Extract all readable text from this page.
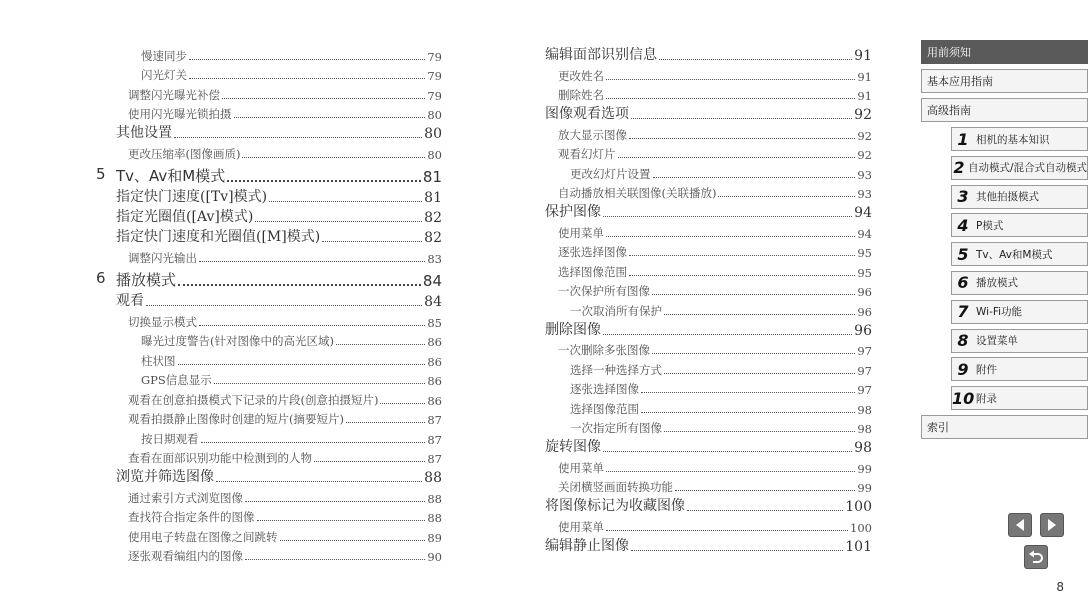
慢速同步	79
闪光灯关	79
调整闪光曝光补偿	79
使用闪光曝光锁拍摄	80
其他设置	80
更改压缩率(图像画质)	80
5 Tv、Av和M模式	81
指定快门速度([Tv]模式)	81
指定光圈值([Av]模式)	82
指定快门速度和光圈值([M]模式)	82
调整闪光输出	83
6 播放模式	84
观看	84
切换显示模式	85
曝光过度警告(针对图像中的高光区域)	86
柱状图	86
GPS信息显示	86
观看在创意拍摄模式下记录的片段(创意拍摄短片)	86
观看拍摄静止图像时创建的短片(摘要短片)	87
按日期观看	87
查看在面部识别功能中检测到的人物	87
浏览并筛选图像	88
通过索引方式浏览图像	88
查找符合指定条件的图像	88
使用电子转盘在图像之间跳转	89
逐张观看编组内的图像	90
编辑面部识别信息	91
更改姓名	91
删除姓名	91
图像观看选项	92
放大显示图像	92
观看幻灯片	92
更改幻灯片设置	93
自动播放相关联图像(关联播放)	93
保护图像	94
使用菜单	94
逐张选择图像	95
选择图像范围	95
一次保护所有图像	96
一次取消所有保护	96
删除图像	96
一次删除多张图像	97
选择一种选择方式	97
逐张选择图像	97
选择图像范围	98
一次指定所有图像	98
旋转图像	98
使用菜单	99
关闭横竖画面转换功能	99
将图像标记为收藏图像	100
使用菜单	100
编辑静止图像	101
用前须知
基本应用指南
高级指南
1 相机的基本知识
2 自动模式/混合式自动模式
3 其他拍摄模式
4 P模式
5 Tv、Av和M模式
6 播放模式
7 Wi-Fi功能
8 设置菜单
9 附件
10 附录
索引
8
